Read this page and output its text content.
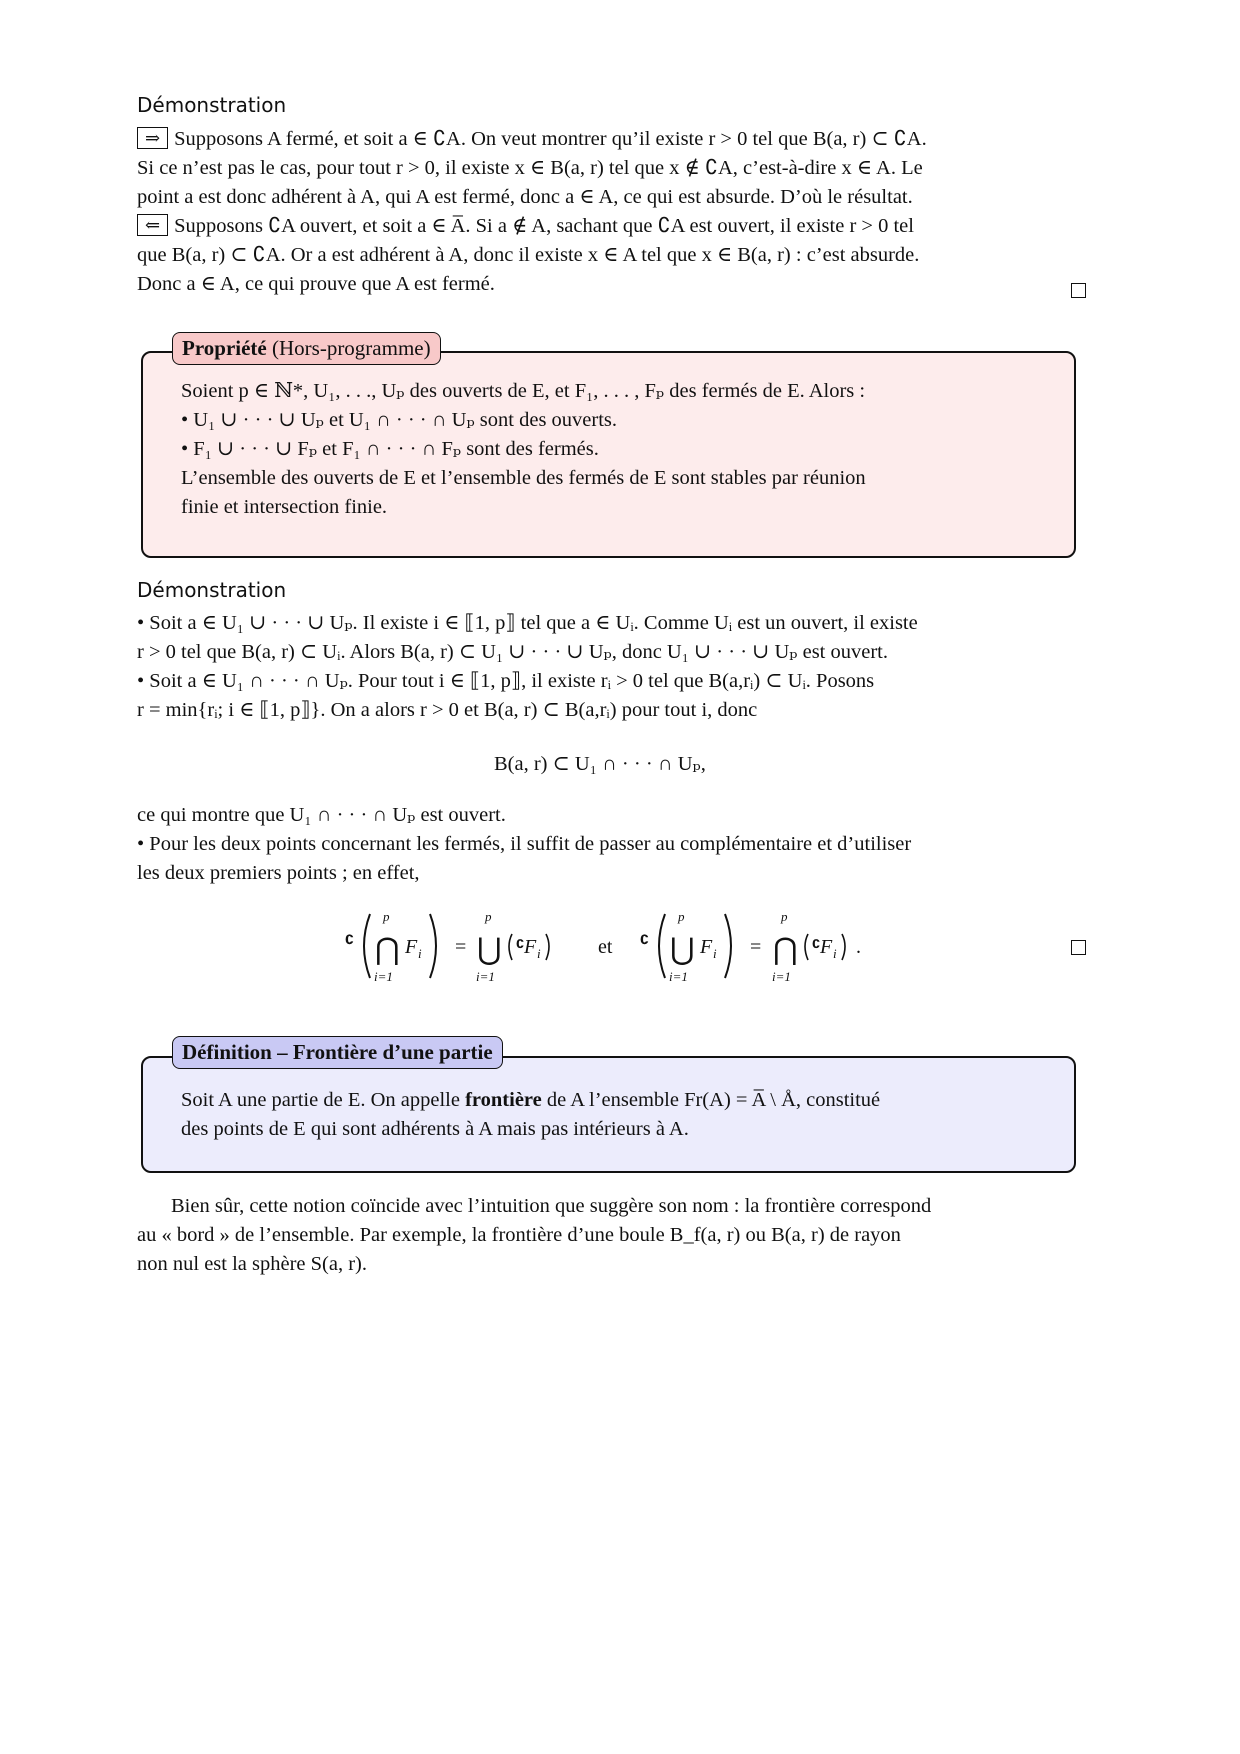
Démonstration
⇒ Supposons A fermé, et soit a ∈ ∁A. On veut montrer qu’il existe r > 0 tel que B(a, r) ⊂ ∁A.
Si ce n’est pas le cas, pour tout r > 0, il existe x ∈ B(a, r) tel que x ∉ ∁A, c’est-à-dire x ∈ A. Le
point a est donc adhérent à A, qui A est fermé, donc a ∈ A, ce qui est absurde. D’où le résultat.
⇐ Supposons ∁A ouvert, et soit a ∈ A̅. Si a ∉ A, sachant que ∁A est ouvert, il existe r > 0 tel
que B(a, r) ⊂ ∁A. Or a est adhérent à A, donc il existe x ∈ A tel que x ∈ B(a, r) : c’est absurde.
Donc a ∈ A, ce qui prouve que A est fermé.
Propriété (Hors-programme)
Soient p ∈ ℕ*, U₁, . . ., Uₚ des ouverts de E, et F₁, . . . , Fₚ des fermés de E. Alors :
• U₁ ∪ · · · ∪ Uₚ et U₁ ∩ · · · ∩ Uₚ sont des ouverts.
• F₁ ∪ · · · ∪ Fₚ et F₁ ∩ · · · ∩ Fₚ sont des fermés.
L’ensemble des ouverts de E et l’ensemble des fermés de E sont stables par réunion
finie et intersection finie.
Démonstration
• Soit a ∈ U₁ ∪ · · · ∪ Uₚ. Il existe i ∈ ⟦1, p⟧ tel que a ∈ Uᵢ. Comme Uᵢ est un ouvert, il existe
r > 0 tel que B(a, r) ⊂ Uᵢ. Alors B(a, r) ⊂ U₁ ∪ · · · ∪ Uₚ, donc U₁ ∪ · · · ∪ Uₚ est ouvert.
• Soit a ∈ U₁ ∩ · · · ∩ Uₚ. Pour tout i ∈ ⟦1, p⟧, il existe rᵢ > 0 tel que B(a,rᵢ) ⊂ Uᵢ. Posons
r = min{rᵢ; i ∈ ⟦1, p⟧}. On a alors r > 0 et B(a, r) ⊂ B(a,rᵢ) pour tout i, donc
B(a, r) ⊂ U₁ ∩ · · · ∩ Uₚ,
ce qui montre que U₁ ∩ · · · ∩ Uₚ est ouvert.
• Pour les deux points concernant les fermés, il suffit de passer au complémentaire et d’utiliser
les deux premiers points ; en effet,
∁
p
⋂
i=1
F i =
p
⋃
i=1
∁ F i	et ∁
p
⋃
i=1
F i =
p
⋂
i=1
∁ F i .
Définition – Frontière d’une partie
Soit A une partie de E. On appelle frontière de A l’ensemble Fr(A) = A̅ \ Å, constitué
des points de E qui sont adhérents à A mais pas intérieurs à A.
Bien sûr, cette notion coïncide avec l’intuition que suggère son nom : la frontière correspond
au « bord » de l’ensemble. Par exemple, la frontière d’une boule B_f(a, r) ou B(a, r) de rayon
non nul est la sphère S(a, r).
